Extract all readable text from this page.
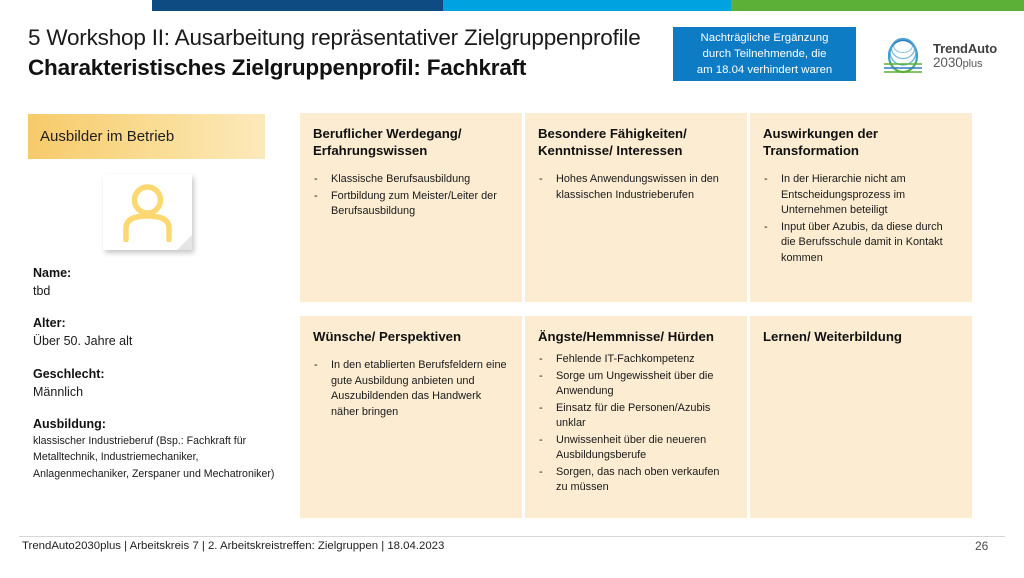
5 Workshop II: Ausarbeitung repräsentativer Zielgruppenprofile
Charakteristisches Zielgruppenprofil: Fachkraft
Nachträgliche Ergänzung
durch Teilnehmende, die
am 18.04 verhindert waren
TrendAuto
2030plus
Ausbilder im Betrieb
Name:
tbd
Alter:
Über 50. Jahre alt
Geschlecht:
Männlich
Ausbildung:
klassischer Industrieberuf (Bsp.: Fachkraft für Metalltechnik, Industriemechaniker, Anlagenmechaniker, Zerspaner und Mechatroniker)
Beruflicher Werdegang/ Erfahrungswissen
- Klassische Berufsausbildung
- Fortbildung zum Meister/Leiter der Berufsausbildung
Besondere Fähigkeiten/ Kenntnisse/ Interessen
- Hohes Anwendungswissen in den klassischen Industrieberufen
Auswirkungen der Transformation
- In der Hierarchie nicht am Entscheidungsprozess im Unternehmen beteiligt
- Input über Azubis, da diese durch die Berufsschule damit in Kontakt kommen
Wünsche/ Perspektiven
- In den etablierten Berufsfeldern eine gute Ausbildung anbieten und Auszubildenden das Handwerk näher bringen
Ängste/Hemmnisse/ Hürden
- Fehlende IT-Fachkompetenz
- Sorge um Ungewissheit über die Anwendung
- Einsatz für die Personen/Azubis unklar
- Unwissenheit über die neueren Ausbildungsberufe
- Sorgen, das nach oben verkaufen zu müssen
Lernen/ Weiterbildung
TrendAuto2030plus | Arbeitskreis 7 | 2. Arbeitskreistreffen: Zielgruppen | 18.04.2023	26
